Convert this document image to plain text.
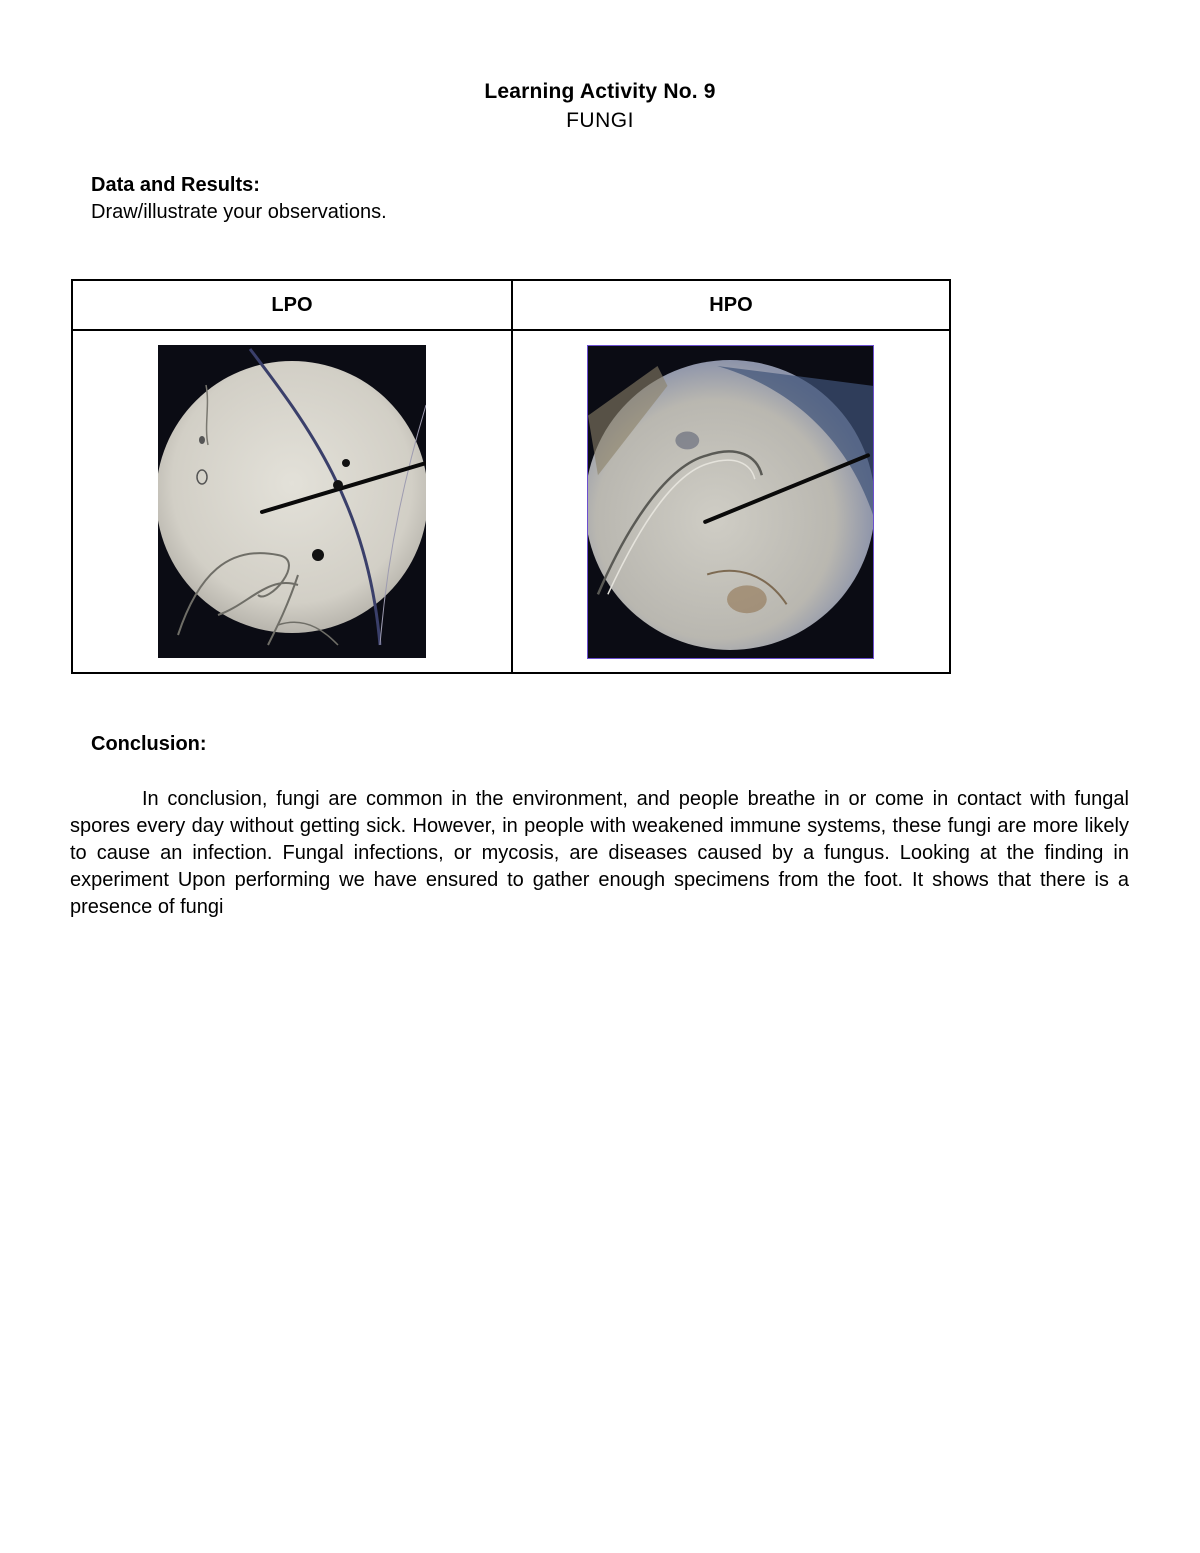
Learning Activity No. 9
FUNGI
Data and Results:
Draw/illustrate your observations.
LPO	HPO

Conclusion:
In conclusion, fungi are common in the environment, and people breathe in or come in contact with fungal spores every day without getting sick. However, in people with weakened immune systems, these fungi are more likely to cause an infection. Fungal infections, or mycosis, are diseases caused by a fungus. Looking at the finding in experiment Upon performing we have ensured to gather enough specimens from the foot. It shows that there is a presence of fungi
